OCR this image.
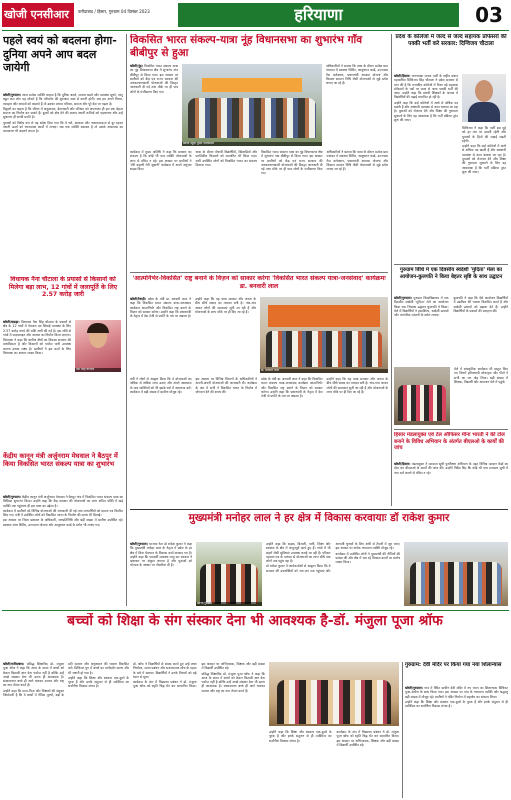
खोजी एनसीआर	फरीदाबाद / हिसार, गुरुग्राम 04 दिसंबर 2023	हरियाणा	03
पहले स्वयं को बदलना होगा-दुनिया अपने आप बदल जायेगी

खोजी/गुरुग्राम। आज प्रत्येक व्यक्ति चाहता है कि दुनिया बदले, समाज बदले और व्यवस्था सुधरे, परंतु बहुत कम लोग यह सोचते हैं कि परिवर्तन की शुरुआत स्वयं से करनी होगी। जब हम अपने विचार, व्यवहार और आदतों को बदलते हैं तो उसका प्रभाव परिवार, समाज और पूरे देश पर पड़ता है।

विद्वानों का कहना है कि जीवन में अनुशासन, ईमानदारी और परिश्रम को अपनाकर ही हम एक बेहतर समाज का निर्माण कर सकते हैं। दूसरों को दोष देने की बजाय अपनी कमियों को पहचानना और उन्हें सुधारना ही सच्ची प्रगति है।

युवाओं को विशेष रूप से यह संदेश दिया गया कि वे नशे, आलस्य और नकारात्मकता से दूर रहकर अपनी ऊर्जा को रचनात्मक कार्यों में लगाएं। जब एक व्यक्ति बदलता है तो उसके आसपास का वातावरण भी बदलने लगता है।

विधायक नैना चौटाला के प्रयासों से किसानों को मिलेगा बड़ा लाभ, 12 गांवों में जलापूर्ति के लिए 2.57 करोड़ जारी
नैना सिंह चौटाला

खोजी/बाढड़ा। विधायक नैना सिंह चौटाला के प्रयासों से क्षेत्र के 12 गांवों में पेयजल एवं सिंचाई व्यवस्था के लिए 2.57 करोड़ रुपये की राशि जारी की गई है। इस राशि से गांवों में पाइपलाइन और जलघर का निर्माण किया जाएगा।

विधायक ने कहा कि ग्रामीण क्षेत्रों का विकास सरकार की प्राथमिकता है और किसानों को पर्याप्त पानी उपलब्ध कराना उनका लक्ष्य है। ग्रामीणों ने इस कार्य के लिए विधायक का आभार व्यक्त किया।

केंद्रीय कानून मंत्री अर्जुनराम मेघवाल ने बैठपुर में किया विकसित भारत संकल्प यात्रा का शुभारंभ

खोजी/गुरुग्राम। केंद्रीय कानून मंत्री अर्जुनराम मेघवाल ने बैठपुर गांव में विकसित भारत संकल्प यात्रा का विधिवत शुभारंभ किया। उन्होंने कहा कि केंद्र सरकार की योजनाओं का लाभ अंतिम पंक्ति में खड़े व्यक्ति तक पहुंचाना ही इस यात्रा का उद्देश्य है।

कार्यक्रम में ग्रामीणों को विभिन्न योजनाओं की जानकारी दी गई तथा लाभार्थियों को प्रमाण पत्र वितरित किए गए। मंत्री ने उपस्थित लोगों को विकसित भारत के निर्माण की शपथ भी दिलाई।

इस अवसर पर जिला प्रशासन के अधिकारी, जनप्रतिनिधि और बड़ी संख्या में ग्रामीण उपस्थित रहे। स्वास्थ्य जांच शिविर, उज्ज्वला योजना और आयुष्मान कार्ड के स्टॉल भी लगाए गए।

विकसित भारत संकल्प-यात्रा नूंह विधानसभा का शुभारंभ गाँव बीबीपुर से हुआ
खोजी यहूदा मुसेन नीलकमल

खोजी/नूंह। विकसित भारत संकल्प यात्रा का नूंह विधानसभा क्षेत्र में शुभारंभ गांव बीबीपुर से किया गया। इस अवसर पर ग्रामीणों को केंद्र एवं राज्य सरकार की जनकल्याणकारी योजनाओं की विस्तृत जानकारी दी गई तथा मौके पर ही पात्र लोगों के पंजीकरण किए गए।

अधिकारियों ने बताया कि यात्रा के दौरान प्रत्येक ग्राम पंचायत में स्वास्थ्य शिविर, आयुष्मान कार्ड, उज्ज्वला गैस कनेक्शन, प्रधानमंत्री आवास योजना और किसान सम्मान निधि जैसी योजनाओं से जुड़े स्टॉल लगाए जा रहे हैं।

कार्यक्रम में मुख्य अतिथि ने कहा कि सरकार का संकल्प है कि कोई भी पात्र व्यक्ति योजनाओं के लाभ से वंचित न रहे। इस अवसर पर ग्रामीणों ने 'मेरी कहानी मेरी जुबानी' कार्यक्रम में अपने अनुभव साझा किए।

यात्रा के दौरान मेधावी विद्यार्थियों, खिलाड़ियों और प्रगतिशील किसानों को सम्मानित भी किया गया। सभी उपस्थित लोगों को विकसित भारत का संकल्प दिलाया गया।

विकसित भारत संकल्प यात्रा का नूंह विधानसभा क्षेत्र में शुभारंभ गांव बीबीपुर से किया गया। इस अवसर पर ग्रामीणों को केंद्र एवं राज्य सरकार की जनकल्याणकारी योजनाओं की विस्तृत जानकारी दी गई तथा मौके पर ही पात्र लोगों के पंजीकरण किए गए।

अधिकारियों ने बताया कि यात्रा के दौरान प्रत्येक ग्राम पंचायत में स्वास्थ्य शिविर, आयुष्मान कार्ड, उज्ज्वला गैस कनेक्शन, प्रधानमंत्री आवास योजना और किसान सम्मान निधि जैसी योजनाओं से जुड़े स्टॉल लगाए जा रहे हैं।

'आत्मनिर्भर-विकसित' राष्ट्र बनाने के विज़न को साकार करेगा 'विकसित भारत संकल्प यात्रा-जनसंवाद' कार्यक्रमः डा. बनवारी लाल

खोजी/रेवाड़ी। प्रदेश के मंत्री डा. बनवारी लाल ने कहा कि विकसित भारत संकल्प यात्रा-जनसंवाद कार्यक्रम आत्मनिर्भर और विकसित राष्ट्र बनाने के विज़न को साकार करेगा। उन्होंने कहा कि प्रधानमंत्री के नेतृत्व में देश तेजी से प्रगति के पथ पर अग्रसर है।

उन्होंने कहा कि यह यात्रा सरकार और जनता के बीच सीधे संवाद का माध्यम बनी है। गांव-गांव जाकर लोगों की समस्याएं सुनी जा रही हैं और योजनाओं के लाभ मौके पर ही दिए जा रहे हैं।

डा. बनवारी लाल

मंत्री ने लोगों से आह्वान किया कि वे योजनाओं का अधिक से अधिक लाभ उठाएं और अपने आसपास के पात्र व्यक्तियों को भी इसके बारे में जागरूक करें। कार्यक्रम में बड़ी संख्या में ग्रामीण मौजूद रहे।

इस अवसर पर विभिन्न विभागों के अधिकारियों ने अपनी-अपनी योजनाओं की जानकारी दी। कार्यक्रम के अंत में सभी ने विकसित भारत के निर्माण में योगदान देने की शपथ ली।

प्रदेश के मंत्री डा. बनवारी लाल ने कहा कि विकसित भारत संकल्प यात्रा-जनसंवाद कार्यक्रम आत्मनिर्भर और विकसित राष्ट्र बनाने के विज़न को साकार करेगा। उन्होंने कहा कि प्रधानमंत्री के नेतृत्व में देश तेजी से प्रगति के पथ पर अग्रसर है।

उन्होंने कहा कि यह यात्रा सरकार और जनता के बीच सीधे संवाद का माध्यम बनी है। गांव-गांव जाकर लोगों की समस्याएं सुनी जा रही हैं और योजनाओं के लाभ मौके पर ही दिए जा रहे हैं।

प्रदेश के कॉलेजों में जल्द से जल्द सहायक प्रोफेसरों की पक्की भर्ती करे सरकार: दिग्विजय चौटाला

खोजी/हिसार। जननायक जनता पार्टी के राष्ट्रीय प्रधान महासचिव दिग्विजय सिंह चौटाला ने प्रदेश सरकार से मांग की है कि राजकीय कॉलेजों में रिक्त पड़े सहायक प्रोफेसरों के पदों पर जल्द से जल्द पक्की भर्ती की जाए। उन्होंने कहा कि स्थायी शिक्षकों के अभाव में विद्यार्थियों की पढ़ाई प्रभावित हो रही है।

उन्होंने कहा कि कई कॉलेजों में आधे से अधिक पद खाली हैं और अस्थायी व्यवस्था से काम चलाया जा रहा है। युवाओं को रोजगार देने और शिक्षा की गुणवत्ता सुधारने के लिए यह आवश्यक है कि भर्ती प्रक्रिया तुरंत शुरू की जाए।

दिग्विजय ने कहा कि पार्टी इस मुद्दे को हर मंच पर उठाती रहेगी और युवाओं के हितों की लड़ाई लड़ती रहेगी।

उन्होंने कहा कि कई कॉलेजों में आधे से अधिक पद खाली हैं और अस्थायी व्यवस्था से काम चलाया जा रहा है। युवाओं को रोजगार देने और शिक्षा की गुणवत्ता सुधारने के लिए यह आवश्यक है कि भर्ती प्रक्रिया तुरंत शुरू की जाए।

गुरुग्राम विधि में एक दिवसीय स्वदेशी 'मुदिता' मेला का आयोजन-कुलपति ने किया बेहतर सृष्टि के साथ उद्घाटन

खोजी/गुरुग्राम। गुरुग्राम विश्वविद्यालय में एक दिवसीय स्वदेशी 'मुदिता' मेले का आयोजन किया गया जिसका उद्घाटन कुलपति ने किया। मेले में विद्यार्थियों ने हस्तशिल्प, स्वदेशी उत्पादों और पारंपरिक व्यंजनों के स्टॉल लगाए।

कुलपति ने कहा कि ऐसे आयोजन विद्यार्थियों में उद्यमिता की भावना विकसित करते हैं और स्वदेशी उत्पादों को बढ़ावा देते हैं। उन्होंने विद्यार्थियों के प्रयासों की सराहना की।

मेले में सांस्कृतिक कार्यक्रम भी प्रस्तुत किए गए जिनमें हरियाणवी लोकनृत्य और गीतों ने सभी का मन मोह लिया। बड़ी संख्या में शिक्षक, विद्यार्थी और आमजन मेले में पहुंचे।

हिसार मंडलायुक्त एवं टेल ऑफिसर मीना भारती ने की टोल बनाने के विविध अभियान के अंतर्गत बीएलओ के कार्यों की जांच

खोजी/हिसार। मंडलायुक्त ने मतदाता सूची पुनरीक्षण अभियान के तहत विभिन्न मतदान केंद्रों का दौरा कर बीएलओ के कार्यों की जांच की। उन्होंने निर्देश दिए कि कोई भी पात्र मतदाता सूची में नाम दर्ज कराने से वंचित न रहे।

मुख्यमंत्री मनोहर लाल ने हर क्षेत्र में विकास करवायाः डॉ राकेश कुमार

खोजी/गुरुग्राम। भाजपा नेता डॉ राकेश कुमार ने कहा कि मुख्यमंत्री मनोहर लाल के नेतृत्व में प्रदेश के हर क्षेत्र में बिना भेदभाव के विकास कार्य करवाए गए हैं। उन्होंने कहा कि पारदर्शी व्यवस्था लागू कर सरकार ने भ्रष्टाचार पर अंकुश लगाया है और युवाओं को योग्यता के आधार पर नौकरियां दी हैं।

खोजी/गुरुग्राम

उन्होंने कहा कि सड़क, बिजली, पानी, शिक्षा और स्वास्थ्य के क्षेत्र में अभूतपूर्व कार्य हुए हैं। गांवों में भी शहरों जैसी सुविधाएं उपलब्ध कराई जा रही हैं। परिवार पहचान पत्र के माध्यम से योजनाओं का लाभ सीधे पात्र लोगों तक पहुंच रहा है।

डॉ राकेश कुमार ने कार्यकर्ताओं से आह्वान किया कि वे सरकार की उपलब्धियों को जन-जन तक पहुंचाएं और आगामी चुनावों के लिए अभी से तैयारी में जुट जाएं। इस अवसर पर अनेक गणमान्य व्यक्ति मौजूद रहे।

कार्यक्रम में उपस्थित लोगों ने मुख्यमंत्री की नीतियों की प्रशंसा की और क्षेत्र में चल रहे विकास कार्यों पर संतोष व्यक्त किया।

बच्चों को शिक्षा के संग संस्कार देना भी आवश्यक है-डॉ. मंजुला पूजा श्रॉफ

खोजी/फरीदाबाद। प्रसिद्ध शिक्षाविद डॉ. मंजुला पूजा श्रॉफ ने कहा कि आज के समय में बच्चों को केवल किताबी ज्ञान देना पर्याप्त नहीं है बल्कि उन्हें अच्छे संस्कार देना भी उतना ही आवश्यक है। संस्कारवान बच्चे ही आगे चलकर समाज और राष्ट्र का नाम रोशन करते हैं।

उन्होंने कहा कि माता-पिता और शिक्षकों की संयुक्त जिम्मेदारी है कि वे बच्चों में नैतिक मूल्यों, बड़ों के प्रति सम्मान और अनुशासन की भावना विकसित करें। डिजिटल युग में बच्चों का मार्गदर्शन करना और भी जरूरी हो गया है।

उन्होंने कहा कि शिक्षा और संस्कार एक-दूसरे के पूरक हैं और इनके संतुलन से ही व्यक्तित्व का सर्वांगीण विकास संभव है।

डॉ. श्रॉफ ने विद्यार्थियों से संवाद करते हुए उन्हें लक्ष्य निर्धारण, समय प्रबंधन और सकारात्मक सोच के महत्व के बारे में बताया। विद्यार्थियों ने उनके विचारों को बड़े ध्यान से सुना।

कार्यक्रम के अंत में विद्यालय प्रबंधन ने डॉ. मंजुला पूजा श्रॉफ को स्मृति चिह्न भेंट कर सम्मानित किया। इस अवसर पर अभिभावक, शिक्षक और बड़ी संख्या में विद्यार्थी उपस्थित रहे।

प्रसिद्ध शिक्षाविद डॉ. मंजुला पूजा श्रॉफ ने कहा कि आज के समय में बच्चों को केवल किताबी ज्ञान देना पर्याप्त नहीं है बल्कि उन्हें अच्छे संस्कार देना भी उतना ही आवश्यक है। संस्कारवान बच्चे ही आगे चलकर समाज और राष्ट्र का नाम रोशन करते हैं।

उन्होंने कहा कि शिक्षा और संस्कार एक-दूसरे के पूरक हैं और इनके संतुलन से ही व्यक्तित्व का सर्वांगीण विकास संभव है।

कार्यक्रम के अंत में विद्यालय प्रबंधन ने डॉ. मंजुला पूजा श्रॉफ को स्मृति चिह्न भेंट कर सम्मानित किया। इस अवसर पर अभिभावक, शिक्षक और बड़ी संख्या में विद्यार्थी उपस्थित रहे।

गुरुग्राम: देवी मंदिर पर किया गया नया शिलान्यास

खोजी/गुरुग्राम। गांव में स्थित प्राचीन देवी मंदिर में नए भवन का शिलान्यास विधिवत पूजा-अर्चना के साथ किया गया। इस अवसर पर गांव के गणमान्य व्यक्ति और श्रद्धालु बड़ी संख्या में मौजूद रहे। ग्रामीणों ने मंदिर निर्माण में सहयोग का संकल्प लिया।

उन्होंने कहा कि शिक्षा और संस्कार एक-दूसरे के पूरक हैं और इनके संतुलन से ही व्यक्तित्व का सर्वांगीण विकास संभव है।
